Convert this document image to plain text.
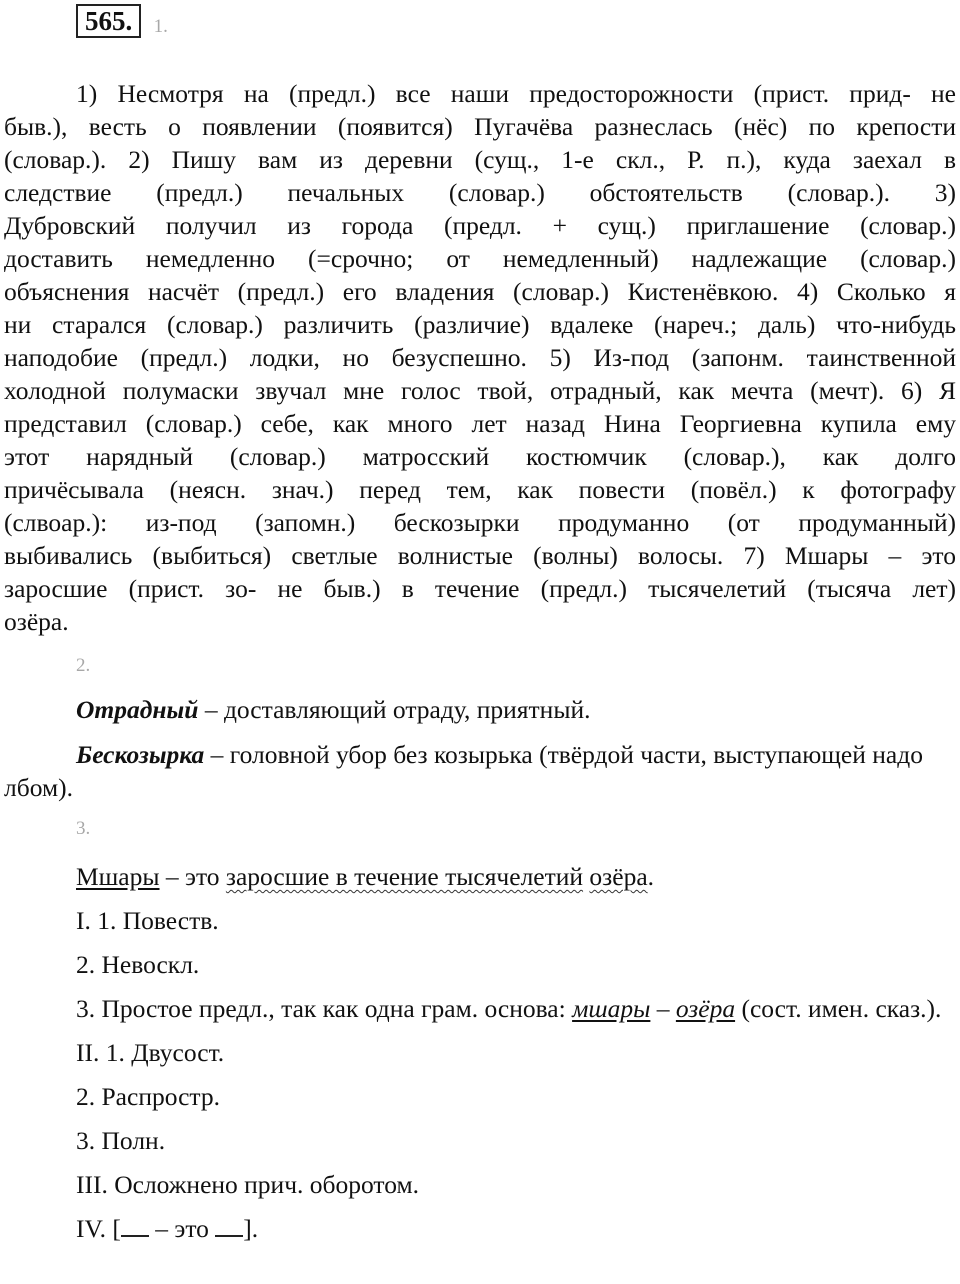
565. 1.
1) Несмотря на (предл.) все наши предосторожности (прист. прид- не
быв.), весть о появлении (появится) Пугачёва разнеслась (нёс) по крепости
(словар.). 2) Пишу вам из деревни (сущ., 1-е скл., Р. п.), куда заехал в
следствие (предл.) печальных (словар.) обстоятельств (словар.). 3)
Дубровский получил из города (предл. + сущ.) приглашение (словар.)
доставить немедленно (=срочно; от немедленный) надлежащие (словар.)
объяснения насчёт (предл.) его владения (словар.) Кистенёвкою. 4) Сколько я
ни старался (словар.) различить (различие) вдалеке (нареч.; даль) что-нибудь
наподобие (предл.) лодки, но безуспешно. 5) Из-под (запонм. таинственной
холодной полумаски звучал мне голос твой, отрадный, как мечта (мечт). 6) Я
представил (словар.) себе, как много лет назад Нина Георгиевна купила ему
этот нарядный (словар.) матросский костюмчик (словар.), как долго
причёсывала (неясн. знач.) перед тем, как повести (повёл.) к фотографу
(слвоар.): из-под (запомн.) бескозырки продуманно (от продуманный)
выбивались (выбиться) светлые волнистые (волны) волосы. 7) Мшары – это
заросшие (прист. зо- не быв.) в течение (предл.) тысячелетий (тысяча лет)
озёра.
2.

Отрадный – доставляющий отраду, приятный.

Бескозырка – головной убор без козырька (твёрдой части, выступающей надо лбом).

3.
Мшары – это заросшие в течение тысячелетий озёра.
I. 1. Повеств.
2. Невоскл.
3. Простое предл., так как одна грам. основа: мшары – озёра (сост. имен. сказ.).
II. 1. Двусост.
2. Распростр.
3. Полн.
III. Осложнено прич. оборотом.
IV. [ – это ].
